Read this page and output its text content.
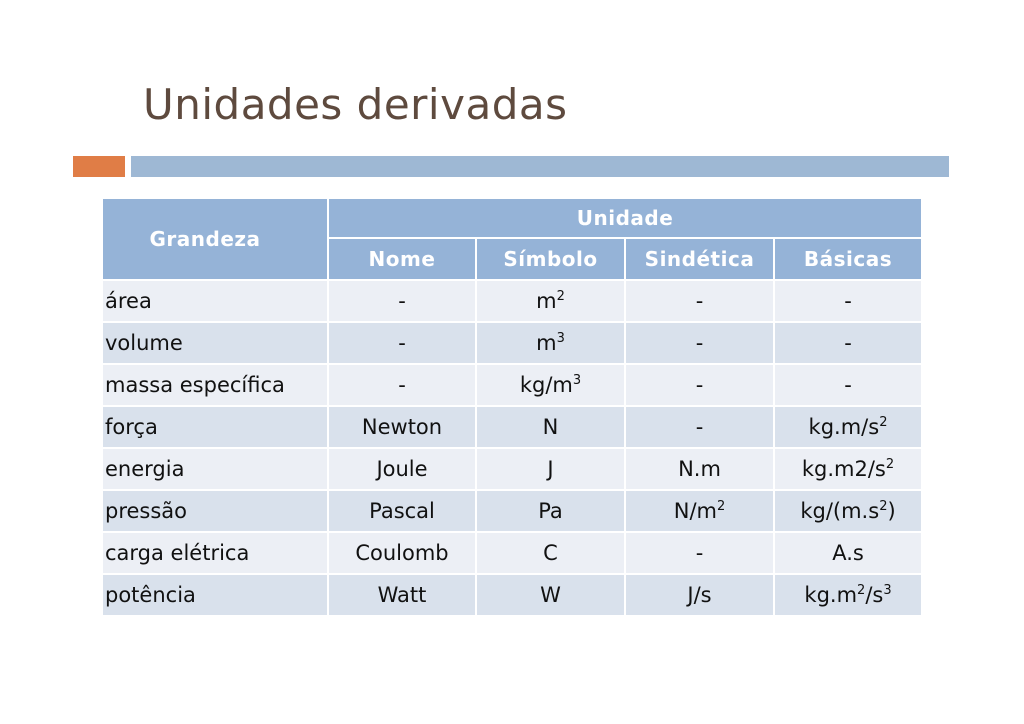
Unidades derivadas
Grandeza	Unidade			
	Nome	Símbolo	Sindética	Básicas
área	-	$m^2$	-	-
volume	-	$m^3$	-	-
massa específica	-	$kg/m^3$	-	-
força	Newton	N	-	$kg.m/s^2$
energia	Joule	J	N.m	$kg.m2/s^2$
pressão	Pascal	Pa	$N/m^2$	$kg/(m.s^2)$
carga elétrica	Coulomb	C	-	A.s
potência	Watt	W	J/s	$kg.m^2/s^3$
